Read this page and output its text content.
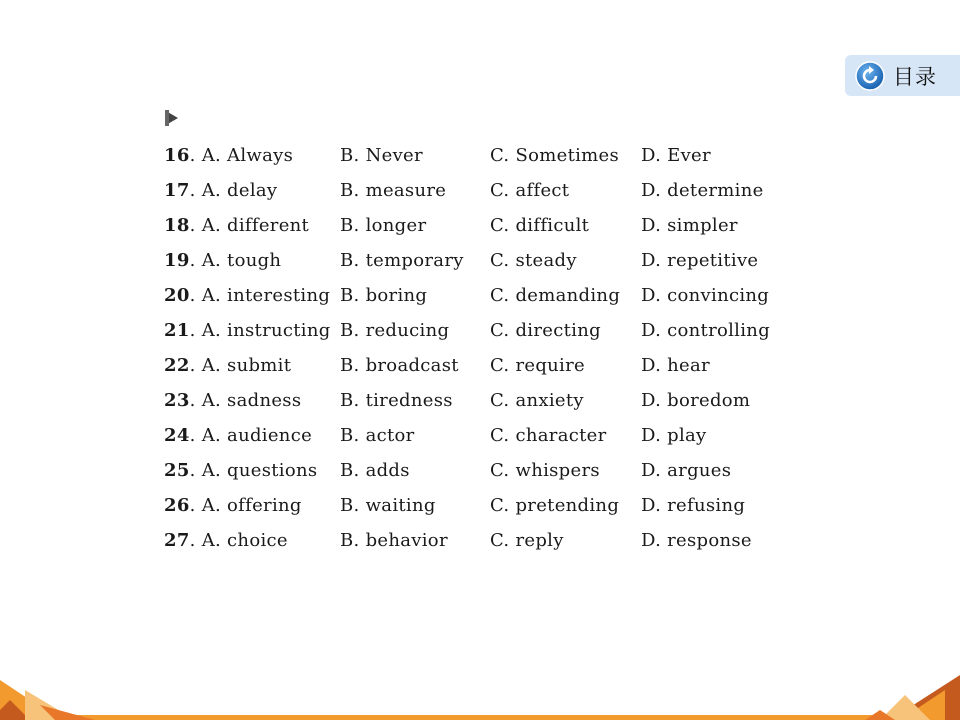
目录
16. A. Always	B. Never	C. Sometimes	D. Ever
17. A. delay	B. measure	C. affect	D. determine
18. A. different	B. longer	C. difficult	D. simpler
19. A. tough	B. temporary	C. steady	D. repetitive
20. A. interesting B. boring	C. demanding	D. convincing
21. A. instructing B. reducing	C. directing	D. controlling
22. A. submit	B. broadcast	C. require	D. hear
23. A. sadness	B. tiredness	C. anxiety	D. boredom
24. A. audience	B. actor	C. character	D. play
25. A. questions	B. adds	C. whispers	D. argues
26. A. offering	B. waiting	C. pretending	D. refusing
27. A. choice	B. behavior	C. reply	D. response
